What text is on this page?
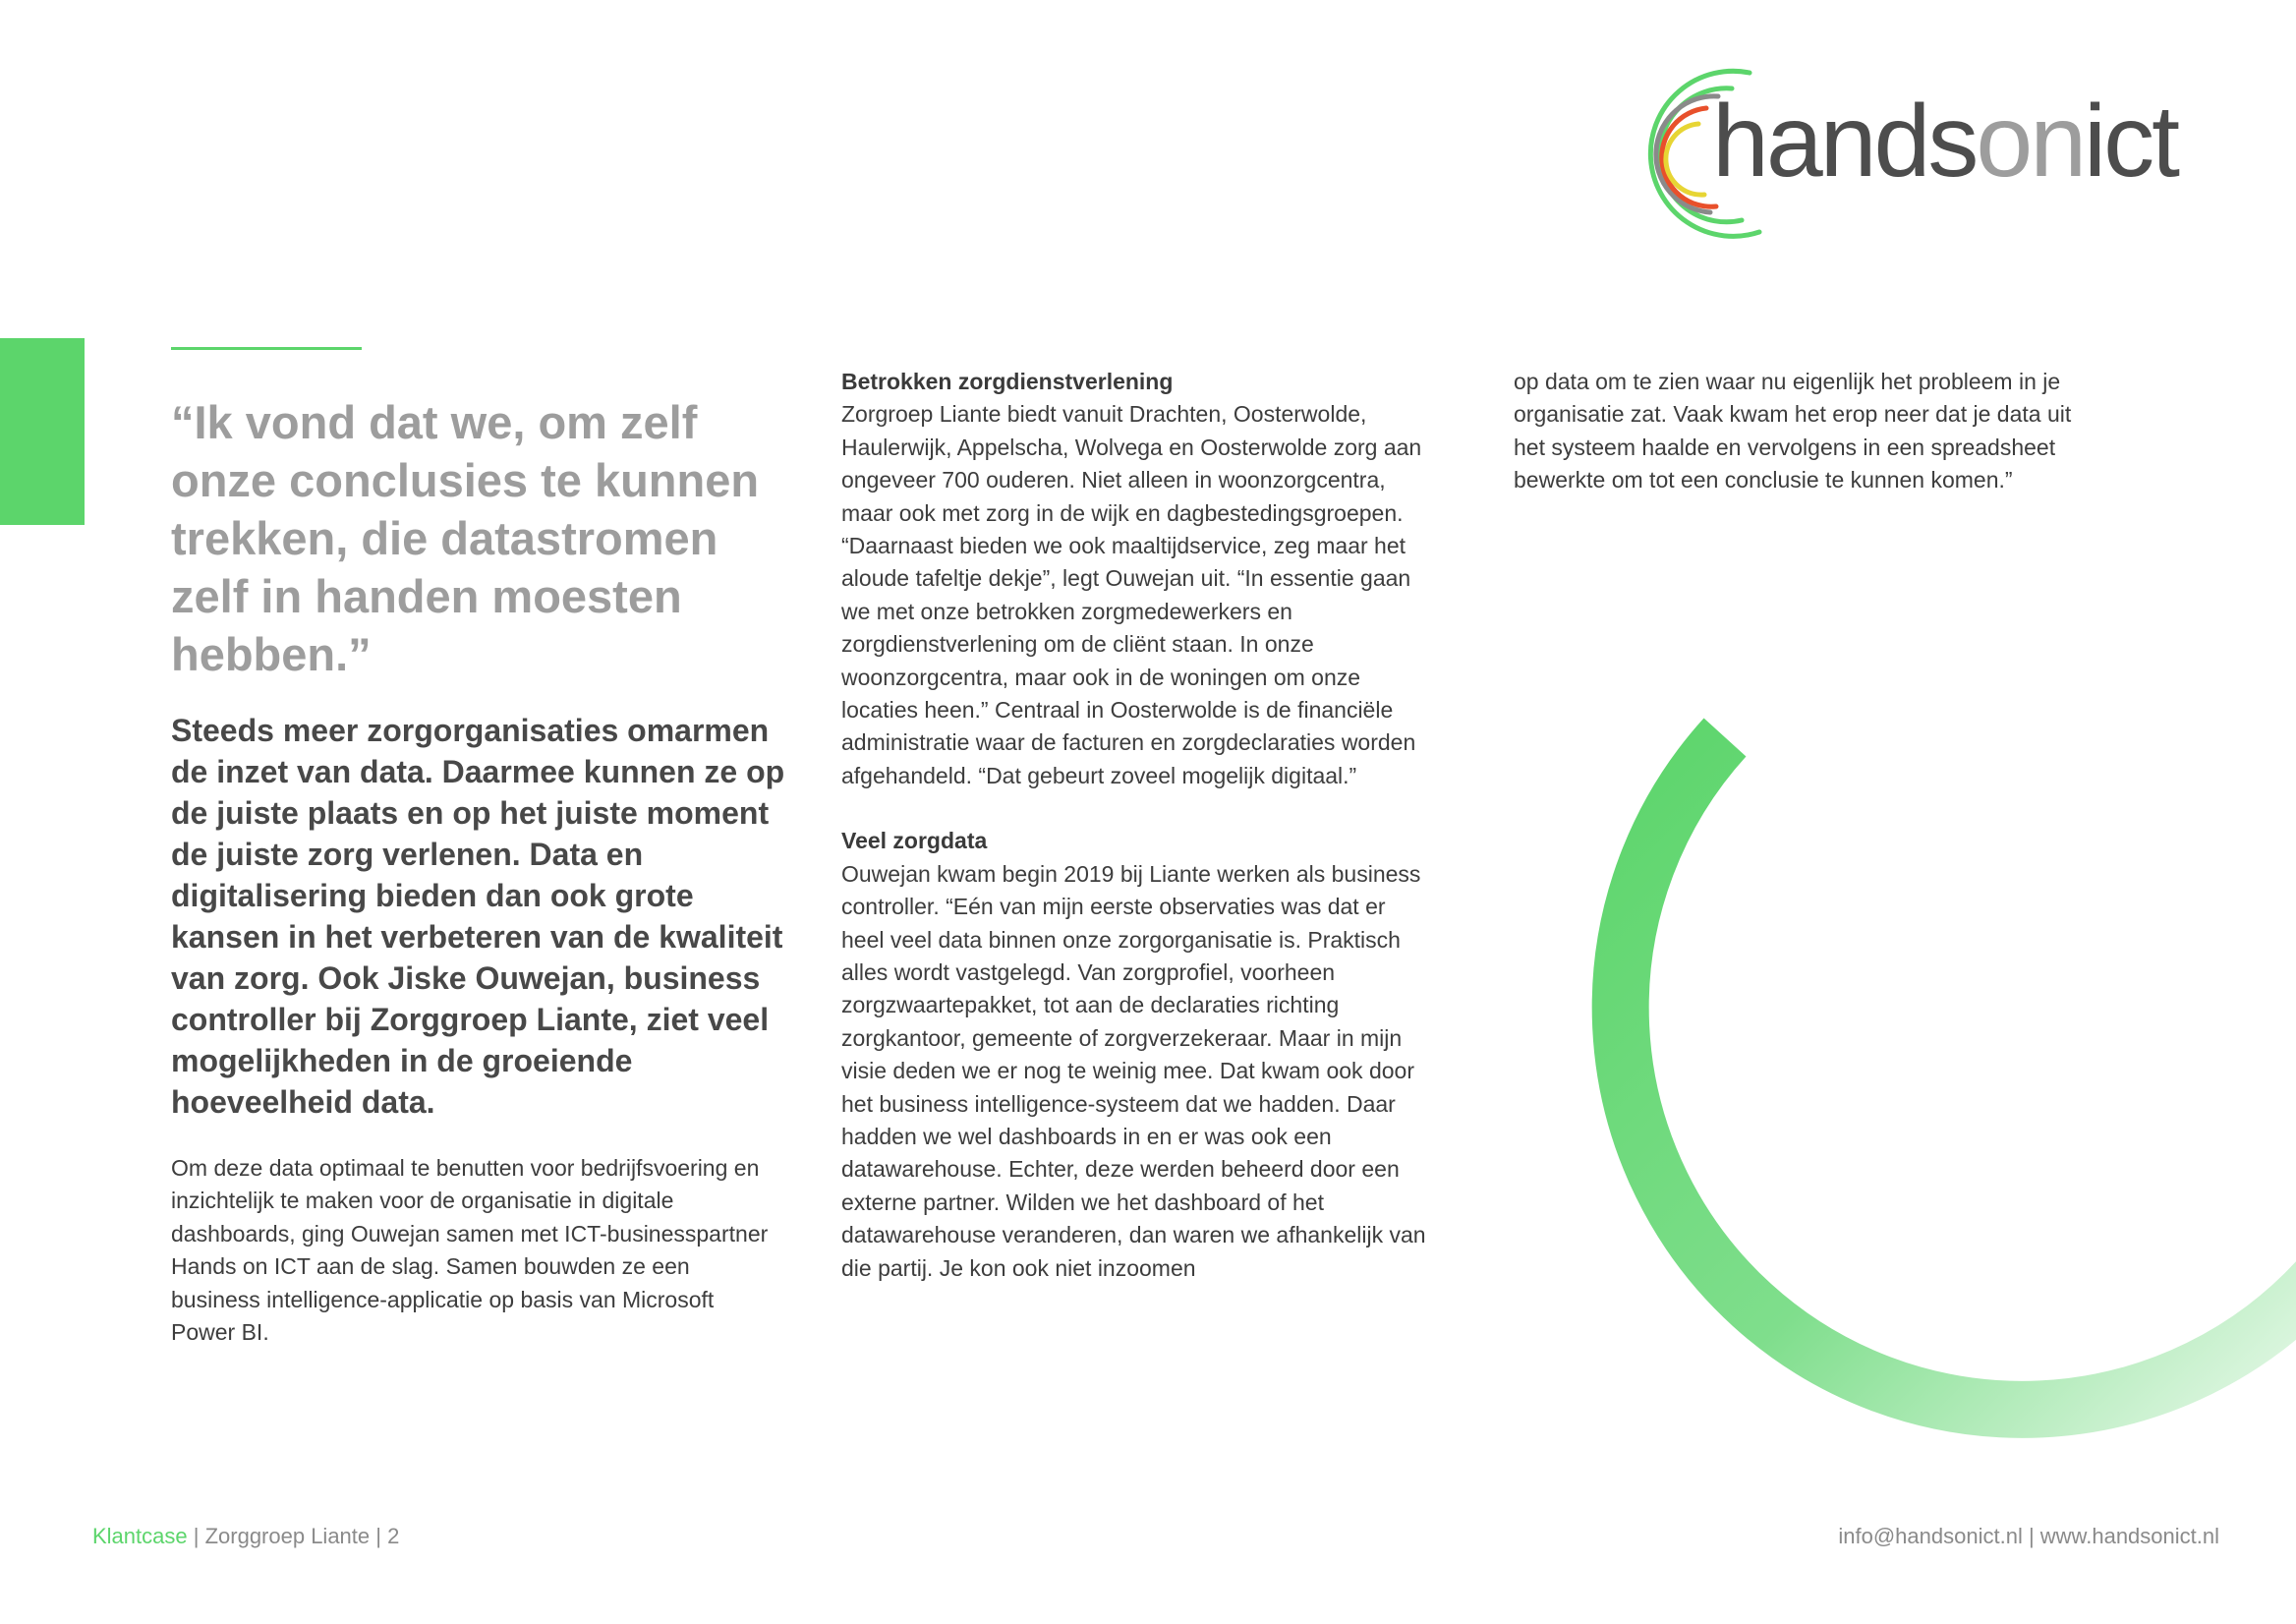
handsonict

“Ik vond dat we, om zelf onze conclusies te kunnen trekken, die datastromen zelf in handen moesten hebben.”

Steeds meer zorgorganisaties omarmen de inzet van data. Daarmee kunnen ze op de juiste plaats en op het juiste moment de juiste zorg verlenen. Data en digitalisering bieden dan ook grote kansen in het verbeteren van de kwaliteit van zorg. Ook Jiske Ouwejan, business controller bij Zorggroep Liante, ziet veel mogelijkheden in de groeiende hoeveelheid data.

Om deze data optimaal te benutten voor bedrijfsvoering en inzichtelijk te maken voor de organisatie in digitale dashboards, ging Ouwejan samen met ICT-businesspartner Hands on ICT aan de slag. Samen bouwden ze een business intelligence-applicatie op basis van Microsoft Power BI.

Betrokken zorgdienstverlening

Zorgroep Liante biedt vanuit Drachten, Oosterwolde, Haulerwijk, Appelscha, Wolvega en Oosterwolde zorg aan ongeveer 700 ouderen. Niet alleen in woonzorgcentra, maar ook met zorg in de wijk en dagbestedingsgroepen. “Daarnaast bieden we ook maaltijdservice, zeg maar het aloude tafeltje dekje”, legt Ouwejan uit. “In essentie gaan we met onze betrokken zorgmedewerkers en zorgdienstverlening om de cliënt staan. In onze woonzorgcentra, maar ook in de woningen om onze locaties heen.” Centraal in Oosterwolde is de financiële administratie waar de facturen en zorgdeclaraties worden afgehandeld. “Dat gebeurt zoveel mogelijk digitaal.”

Veel zorgdata

Ouwejan kwam begin 2019 bij Liante werken als business controller. “Eén van mijn eerste observaties was dat er heel veel data binnen onze zorgorganisatie is. Praktisch alles wordt vastgelegd. Van zorgprofiel, voorheen zorgzwaartepakket, tot aan de declaraties richting zorgkantoor, gemeente of zorgverzekeraar. Maar in mijn visie deden we er nog te weinig mee. Dat kwam ook door het business intelligence-systeem dat we hadden. Daar hadden we wel dashboards in en er was ook een datawarehouse. Echter, deze werden beheerd door een externe partner. Wilden we het dashboard of het datawarehouse veranderen, dan waren we afhankelijk van die partij. Je kon ook niet inzoomen

op data om te zien waar nu eigenlijk het probleem in je organisatie zat. Vaak kwam het erop neer dat je data uit het systeem haalde en vervolgens in een spreadsheet bewerkte om tot een conclusie te kunnen komen.”

Klantcase | Zorggroep Liante | 2	info@handsonict.nl | www.handsonict.nl
